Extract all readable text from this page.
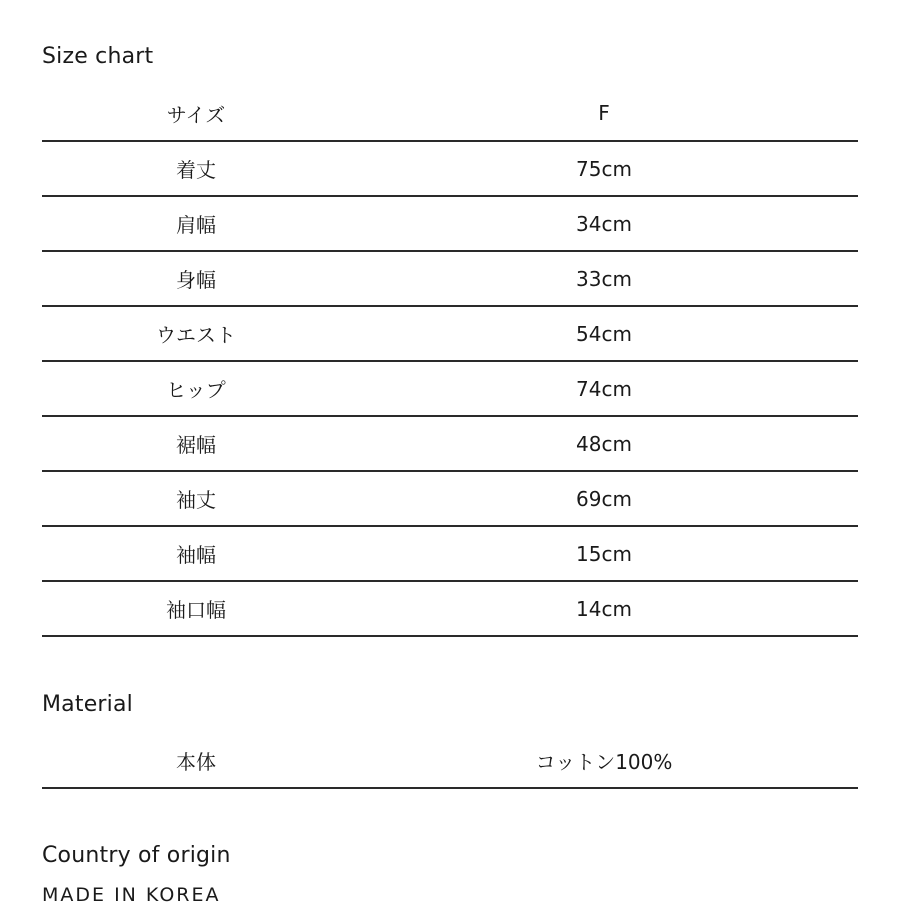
Size chart
サイズ	F
着丈	75cm
肩幅	34cm
身幅	33cm
ウエスト	54cm
ヒップ	74cm
裾幅	48cm
袖丈	69cm
袖幅	15cm
袖口幅	14cm
Material
本体	コットン100%
Country of origin

MADE IN KOREA
